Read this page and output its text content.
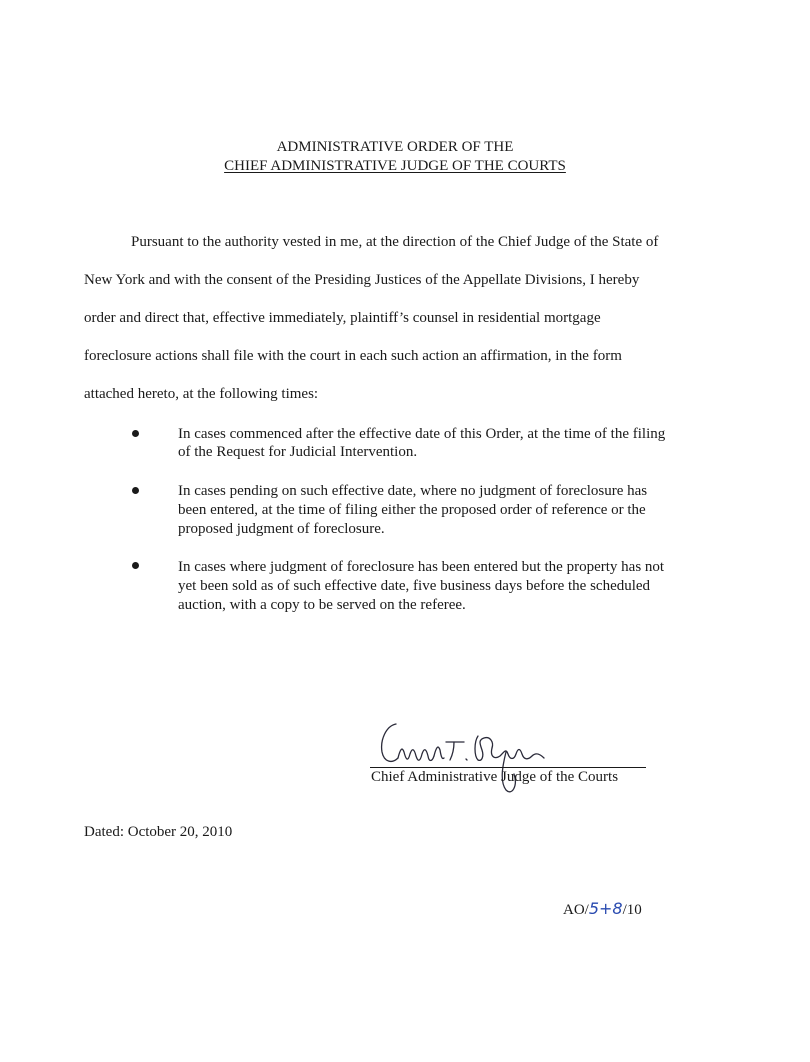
ADMINISTRATIVE ORDER OF THE
CHIEF ADMINISTRATIVE JUDGE OF THE COURTS
Pursuant to the authority vested in me, at the direction of the Chief Judge of the State of
New York and with the consent of the Presiding Justices of the Appellate Divisions, I hereby
order and direct that, effective immediately, plaintiff’s counsel in residential mortgage
foreclosure actions shall file with the court in each such action an affirmation, in the form
attached hereto, at the following times:
In cases commenced after the effective date of this Order, at the time of the filing
of the Request for Judicial Intervention.
In cases pending on such effective date, where no judgment of foreclosure has
been entered, at the time of filing either the proposed order of reference or the
proposed judgment of foreclosure.
In cases where judgment of foreclosure has been entered but the property has not
yet been sold as of such effective date, five business days before the scheduled
auction, with a copy to be served on the referee.
Chief Administrative Judge of the Courts
Dated: October 20, 2010
AO/5+8/10
